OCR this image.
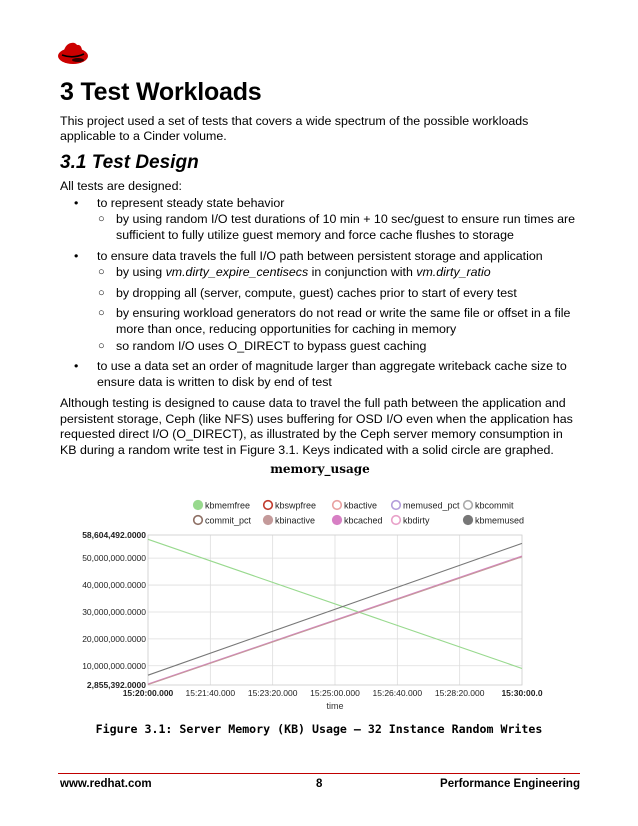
3 Test Workloads

This project used a set of tests that covers a wide spectrum of the possible workloads applicable to a Cinder volume.

3.1 Test Design

All tests are designed:

• to represent steady state behavior
○ by using random I/O test durations of 10 min + 10 sec/guest to ensure run times are sufficient to fully utilize guest memory and force cache flushes to storage
• to ensure data travels the full I/O path between persistent storage and application
○ by using vm.dirty_expire_centisecs in conjunction with vm.dirty_ratio
○ by dropping all (server, compute, guest) caches prior to start of every test
○ by ensuring workload generators do not read or write the same file or offset in a file more than once, reducing opportunities for caching in memory
○ so random I/O uses O_DIRECT to bypass guest caching
• to use a data set an order of magnitude larger than aggregate writeback cache size to ensure data is written to disk by end of test

Although testing is designed to cause data to travel the full path between the application and persistent storage, Ceph (like NFS) uses buffering for OSD I/O even when the application has requested direct I/O (O_DIRECT), as illustrated by the Ceph server memory consumption in KB during a random write test in Figure 3.1. Keys indicated with a solid circle are graphed.

memory_usage
kbmemfree	kbswpfree	kbactive	memused_pct kbcommit
commit_pct	kbinactive	kbcached kbdirty	kbmemused
58,604,492.0000
50,000,000.0000
40,000,000.0000
30,000,000.0000
20,000,000.0000
10,000,000.0000
2,855,392.0000
15:20:00.000 15:21:40.000 15:23:20.000 15:25:00.000 15:26:40.000 15:28:20.000 15:30:00.0
time
Figure 3.1: Server Memory (KB) Usage – 32 Instance Random Writes
www.redhat.com	8	Performance Engineering
